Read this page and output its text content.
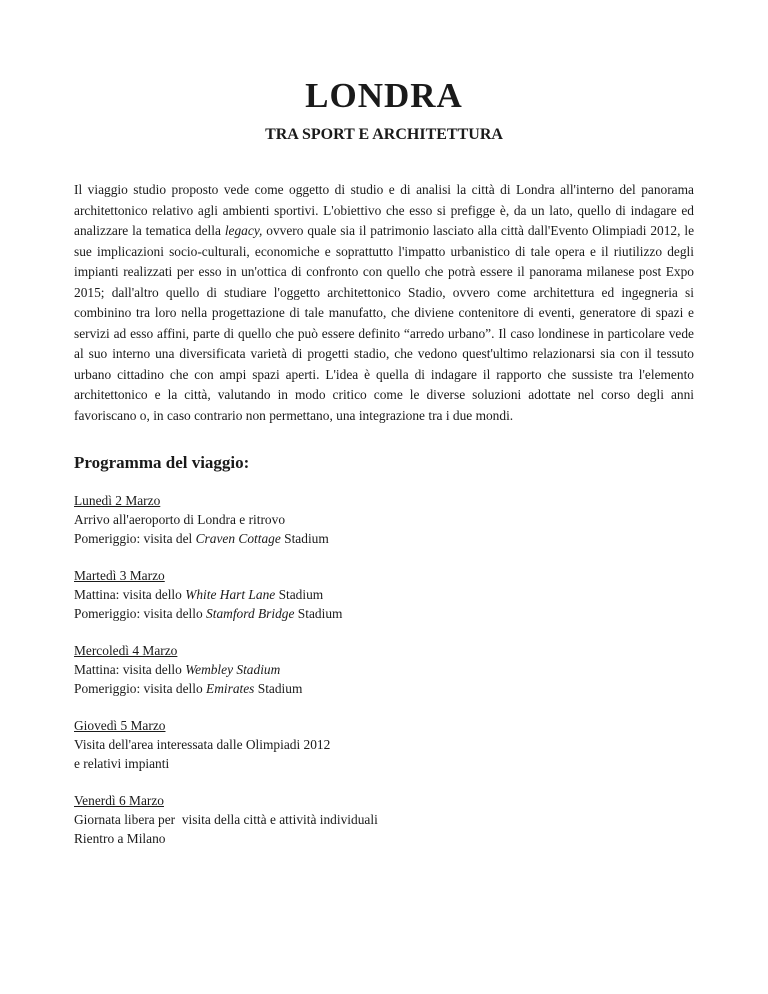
LONDRA
TRA SPORT E ARCHITETTURA

Il viaggio studio proposto vede come oggetto di studio e di analisi la città di Londra all'interno del panorama architettonico relativo agli ambienti sportivi. L'obiettivo che esso si prefigge è, da un lato, quello di indagare ed analizzare la tematica della legacy, ovvero quale sia il patrimonio lasciato alla città dall'Evento Olimpiadi 2012, le sue implicazioni socio-culturali, economiche e soprattutto l'impatto urbanistico di tale opera e il riutilizzo degli impianti realizzati per esso in un'ottica di confronto con quello che potrà essere il panorama milanese post Expo 2015; dall'altro quello di studiare l'oggetto architettonico Stadio, ovvero come architettura ed ingegneria si combinino tra loro nella progettazione di tale manufatto, che diviene contenitore di eventi, generatore di spazi e servizi ad esso affini, parte di quello che può essere definito “arredo urbano”. Il caso londinese in particolare vede al suo interno una diversificata varietà di progetti stadio, che vedono quest'ultimo relazionarsi sia con il tessuto urbano cittadino che con ampi spazi aperti. L'idea è quella di indagare il rapporto che sussiste tra l'elemento architettonico e la città, valutando in modo critico come le diverse soluzioni adottate nel corso degli anni favoriscano o, in caso contrario non permettano, una integrazione tra i due mondi.

Programma del viaggio:
Lunedì 2 Marzo
Arrivo all'aeroporto di Londra e ritrovo
Pomeriggio: visita del Craven Cottage Stadium
Martedì 3 Marzo
Mattina: visita dello White Hart Lane Stadium
Pomeriggio: visita dello Stamford Bridge Stadium
Mercoledì 4 Marzo
Mattina: visita dello Wembley Stadium
Pomeriggio: visita dello Emirates Stadium
Giovedì 5 Marzo
Visita dell'area interessata dalle Olimpiadi 2012
e relativi impianti
Venerdì 6 Marzo
Giornata libera per  visita della città e attività individuali
Rientro a Milano
